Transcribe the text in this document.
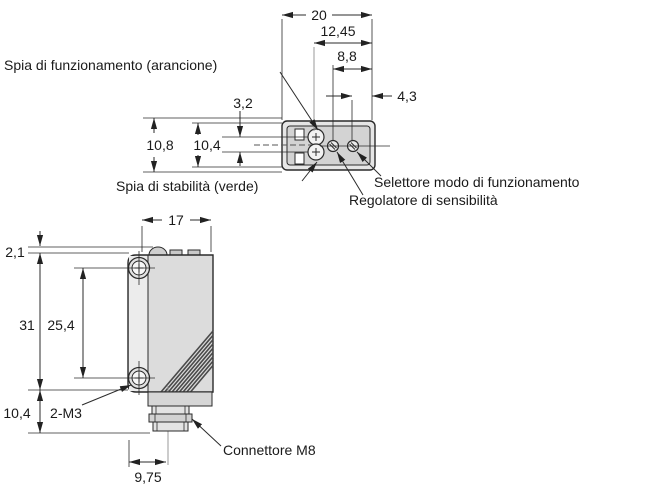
20
12,45
8,8
4,3
3,2
10,8 10,4
Spia di funzionamento (arancione)
Spia di stabilità (verde)	Selettore modo di funzionamento
Regolatore di sensibilità
17
2,1
31 25,4
10,4
9,75
2-M3
Connettore M8
